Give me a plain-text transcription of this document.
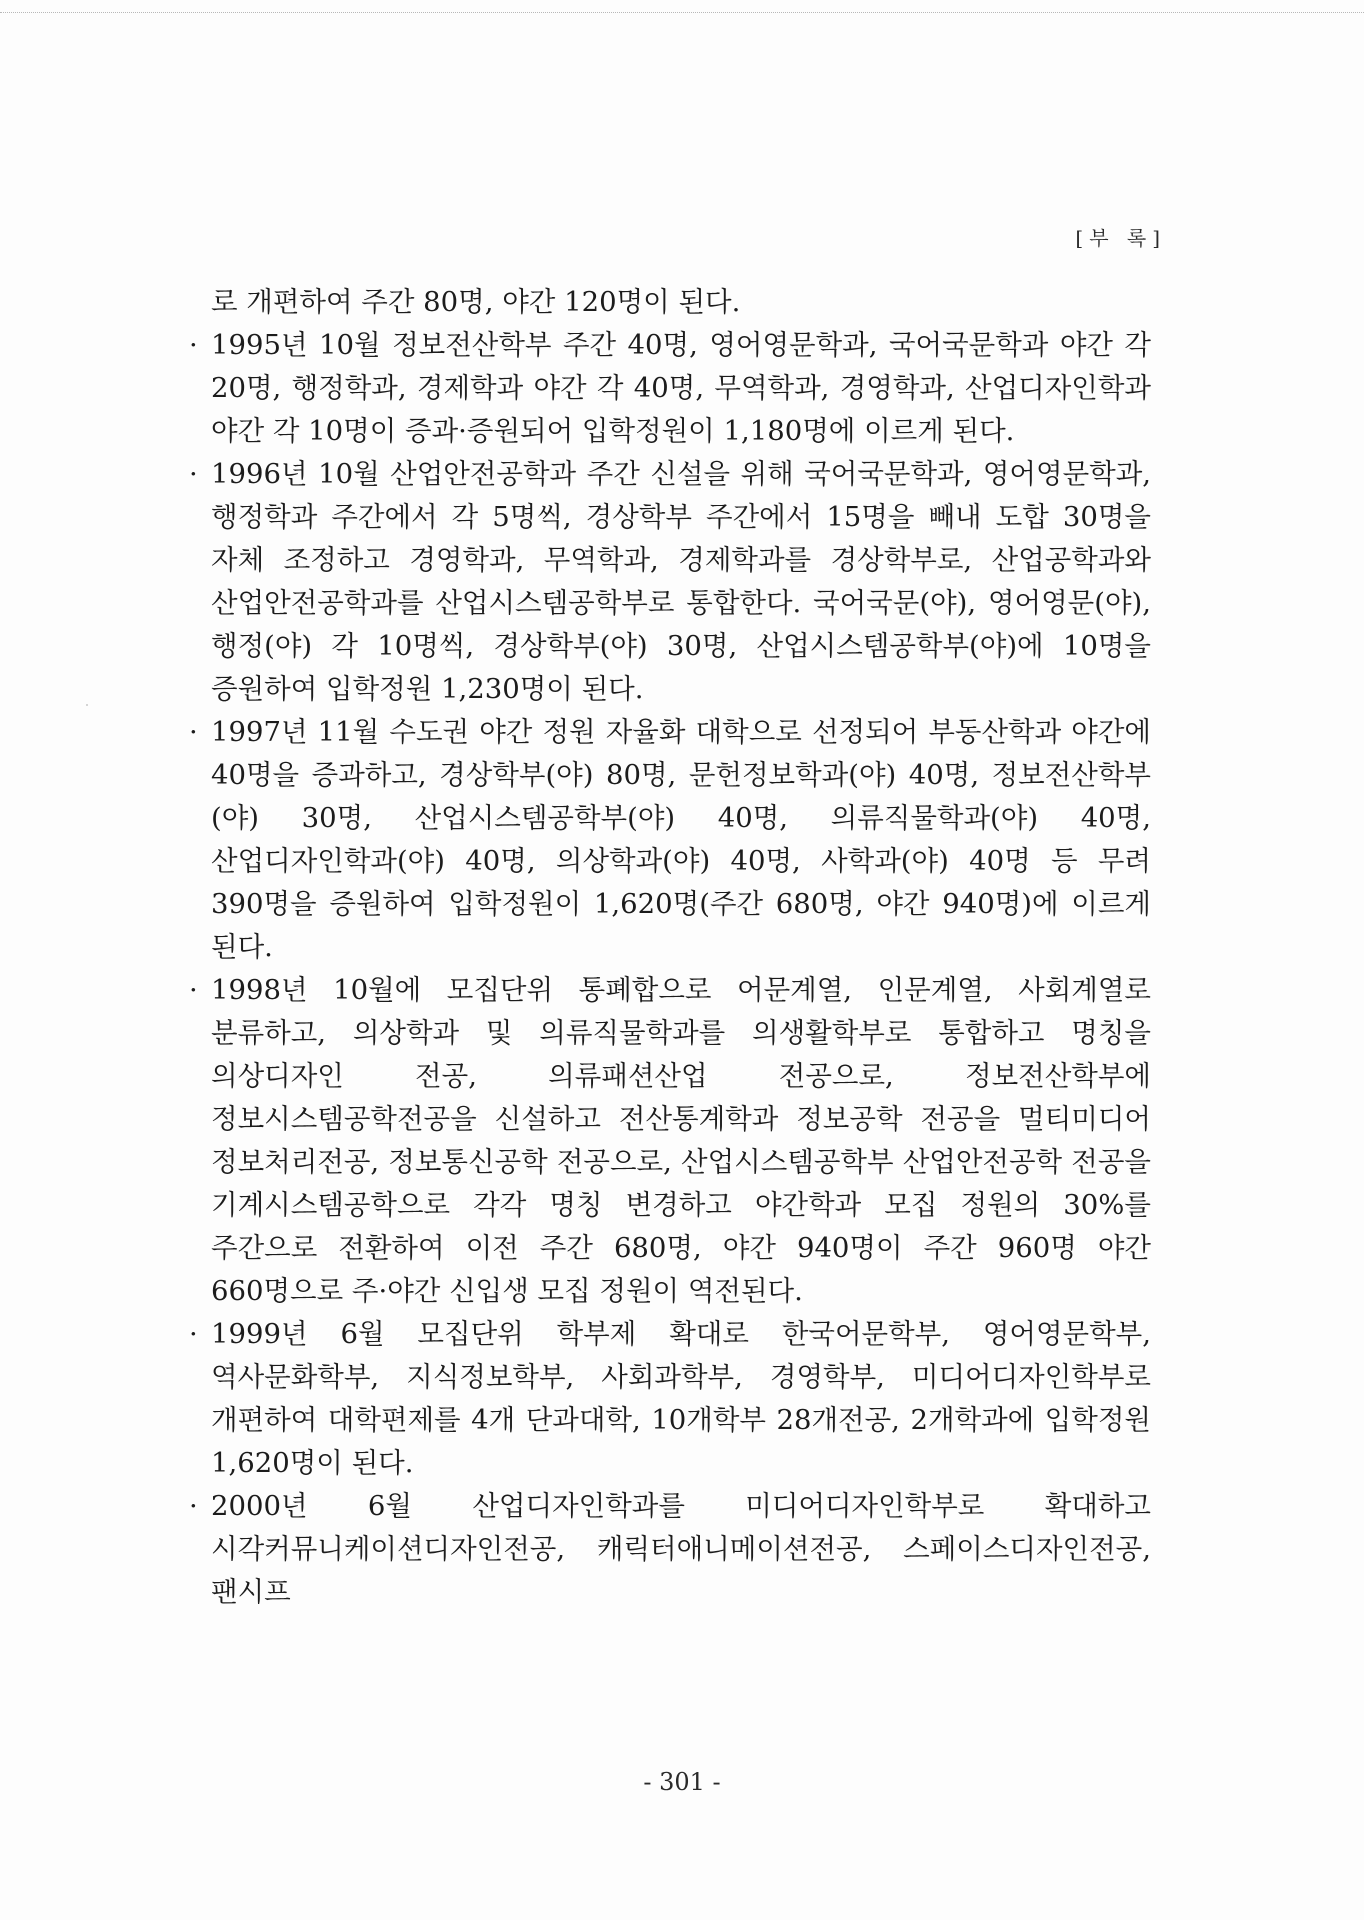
[부 록]

로 개편하여 주간 80명, 야간 120명이 된다.

· 1995년 10월 정보전산학부 주간 40명, 영어영문학과, 국어국문학과 야간 각 20명, 행정학과, 경제학과 야간 각 40명, 무역학과, 경영학과, 산업디자인학과 야간 각 10명이 증과·증원되어 입학정원이 1,180명에 이르게 된다.

· 1996년 10월 산업안전공학과 주간 신설을 위해 국어국문학과, 영어영문학과, 행정학과 주간에서 각 5명씩, 경상학부 주간에서 15명을 빼내 도합 30명을 자체 조정하고 경영학과, 무역학과, 경제학과를 경상학부로, 산업공학과와 산업안전공학과를 산업시스템공학부로 통합한다. 국어국문(야), 영어영문(야), 행정(야) 각 10명씩, 경상학부(야) 30명, 산업시스템공학부(야)에 10명을 증원하여 입학정원 1,230명이 된다.

· 1997년 11월 수도권 야간 정원 자율화 대학으로 선정되어 부동산학과 야간에 40명을 증과하고, 경상학부(야) 80명, 문헌정보학과(야) 40명, 정보전산학부(야) 30명, 산업시스템공학부(야) 40명, 의류직물학과(야) 40명, 산업디자인학과(야) 40명, 의상학과(야) 40명, 사학과(야) 40명 등 무려 390명을 증원하여 입학정원이 1,620명(주간 680명, 야간 940명)에 이르게 된다.

· 1998년 10월에 모집단위 통폐합으로 어문계열, 인문계열, 사회계열로 분류하고, 의상학과 및 의류직물학과를 의생활학부로 통합하고 명칭을 의상디자인 전공, 의류패션산업 전공으로, 정보전산학부에 정보시스템공학전공을 신설하고 전산통계학과 정보공학 전공을 멀티미디어 정보처리전공, 정보통신공학 전공으로, 산업시스템공학부 산업안전공학 전공을 기계시스템공학으로 각각 명칭 변경하고 야간학과 모집 정원의 30%를 주간으로 전환하여 이전 주간 680명, 야간 940명이 주간 960명 야간 660명으로 주·야간 신입생 모집 정원이 역전된다.

· 1999년 6월 모집단위 학부제 확대로 한국어문학부, 영어영문학부, 역사문화학부, 지식정보학부, 사회과학부, 경영학부, 미디어디자인학부로 개편하여 대학편제를 4개 단과대학, 10개학부 28개전공, 2개학과에 입학정원 1,620명이 된다.

· 2000년 6월 산업디자인학과를 미디어디자인학부로 확대하고 시각커뮤니케이션디자인전공, 캐릭터애니메이션전공, 스페이스디자인전공, 팬시프

- 301 -
